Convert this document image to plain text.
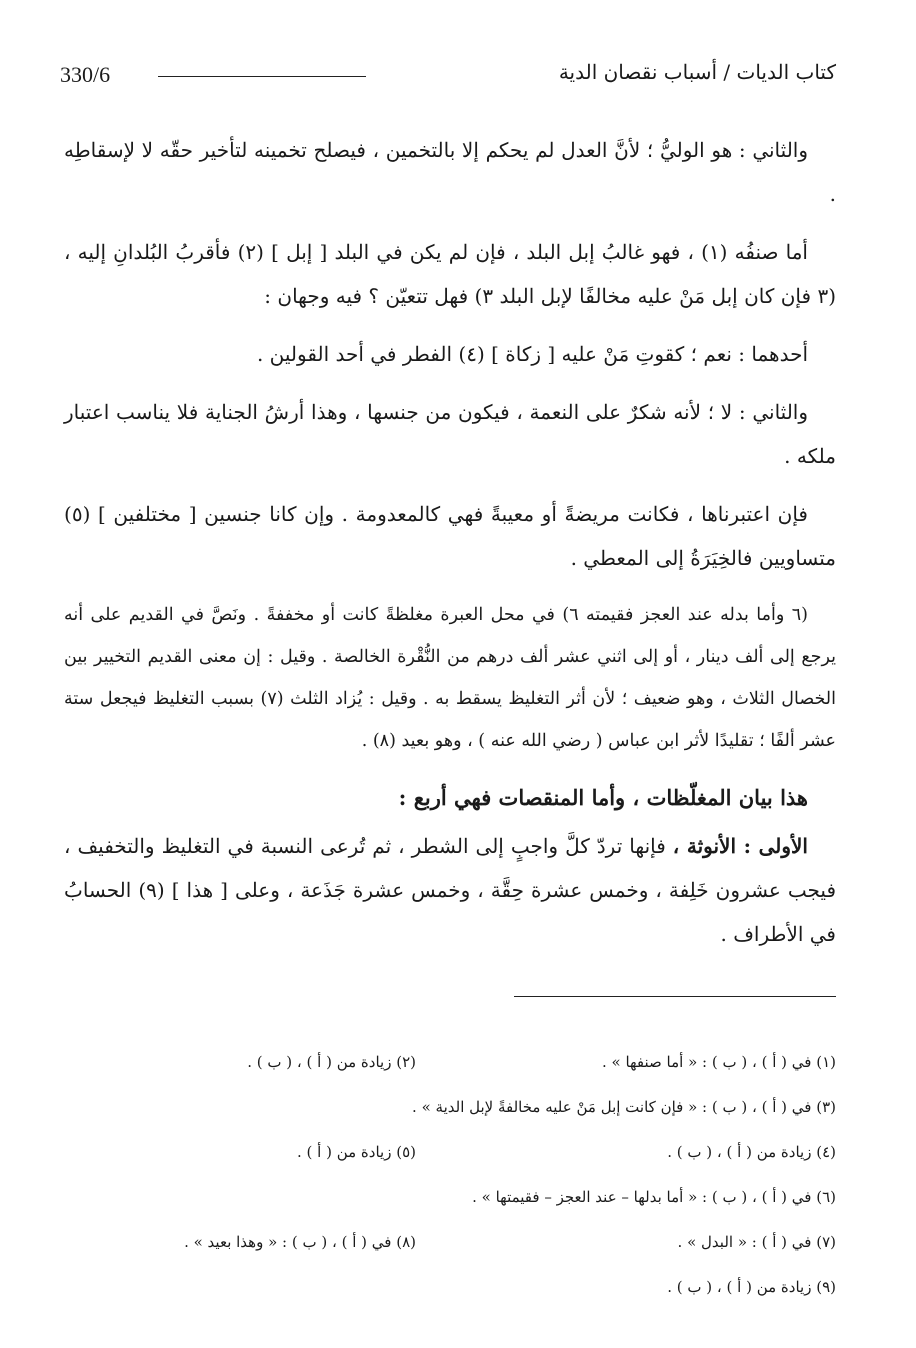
330/6	كتاب الديات / أسباب نقصان الدية

والثاني : هو الوليُّ ؛ لأنَّ العدل لم يحكم إلا بالتخمين ، فيصلح تخمينه لتأخير حقّه لا لإسقاطِه .

أما صنفُه (١) ، فهو غالبُ إبل البلد ، فإن لم يكن في البلد [ إبل ] (٢) فأقربُ البُلدانِ إليه ، (٣ فإن كان إبل مَنْ عليه مخالفًا لإبل البلد ٣) فهل تتعيّن ؟ فيه وجهان :

أحدهما : نعم ؛ كقوتِ مَنْ عليه [ زكاة ] (٤) الفطر في أحد القولين .

والثاني : لا ؛ لأنه شكرٌ على النعمة ، فيكون من جنسها ، وهذا أرشُ الجناية فلا يناسب اعتبار ملكه .

فإن اعتبرناها ، فكانت مريضةً أو معيبةً فهي كالمعدومة . وإن كانا جنسين [ مختلفين ] (٥) متساويين فالخِيَرَةُ إلى المعطي .

(٦ وأما بدله عند العجز فقيمته ٦) في محل العبرة مغلظةً كانت أو مخففةً . ونَصَّ في القديم على أنه يرجع إلى ألف دينار ، أو إلى اثني عشر ألف درهم من النُّقْرة الخالصة . وقيل : إن معنى القديم التخيير بين الخصال الثلاث ، وهو ضعيف ؛ لأن أثر التغليظ يسقط به . وقيل : يُزاد الثلث (٧) بسبب التغليظ فيجعل ستة عشر ألفًا ؛ تقليدًا لأثر ابن عباس ( رضي الله عنه ) ، وهو بعيد (٨) .

هذا بيان المغلّظات ، وأما المنقصات فهي أربع :

الأولى : الأنوثة ، فإنها تردّ كلَّ واجبٍ إلى الشطر ، ثم تُرعى النسبة في التغليظ والتخفيف ، فيجب عشرون خَلِفة ، وخمس عشرة حِقَّة ، وخمس عشرة جَذَعة ، وعلى [ هذا ] (٩) الحسابُ في الأطراف .

(١) في ( أ ) ، ( ب ) : « أما صنفها » .
(٢) زيادة من ( أ ) ، ( ب ) .
(٣) في ( أ ) ، ( ب ) : « فإن كانت إبل مَنْ عليه مخالفةً لإبل الدية » .
(٤) زيادة من ( أ ) ، ( ب ) .
(٥) زيادة من ( أ ) .
(٦) في ( أ ) ، ( ب ) : « أما بدلها – عند العجز – فقيمتها » .
(٧) في ( أ ) : « البدل » .
(٨) في ( أ ) ، ( ب ) : « وهذا بعيد » .
(٩) زيادة من ( أ ) ، ( ب ) .
